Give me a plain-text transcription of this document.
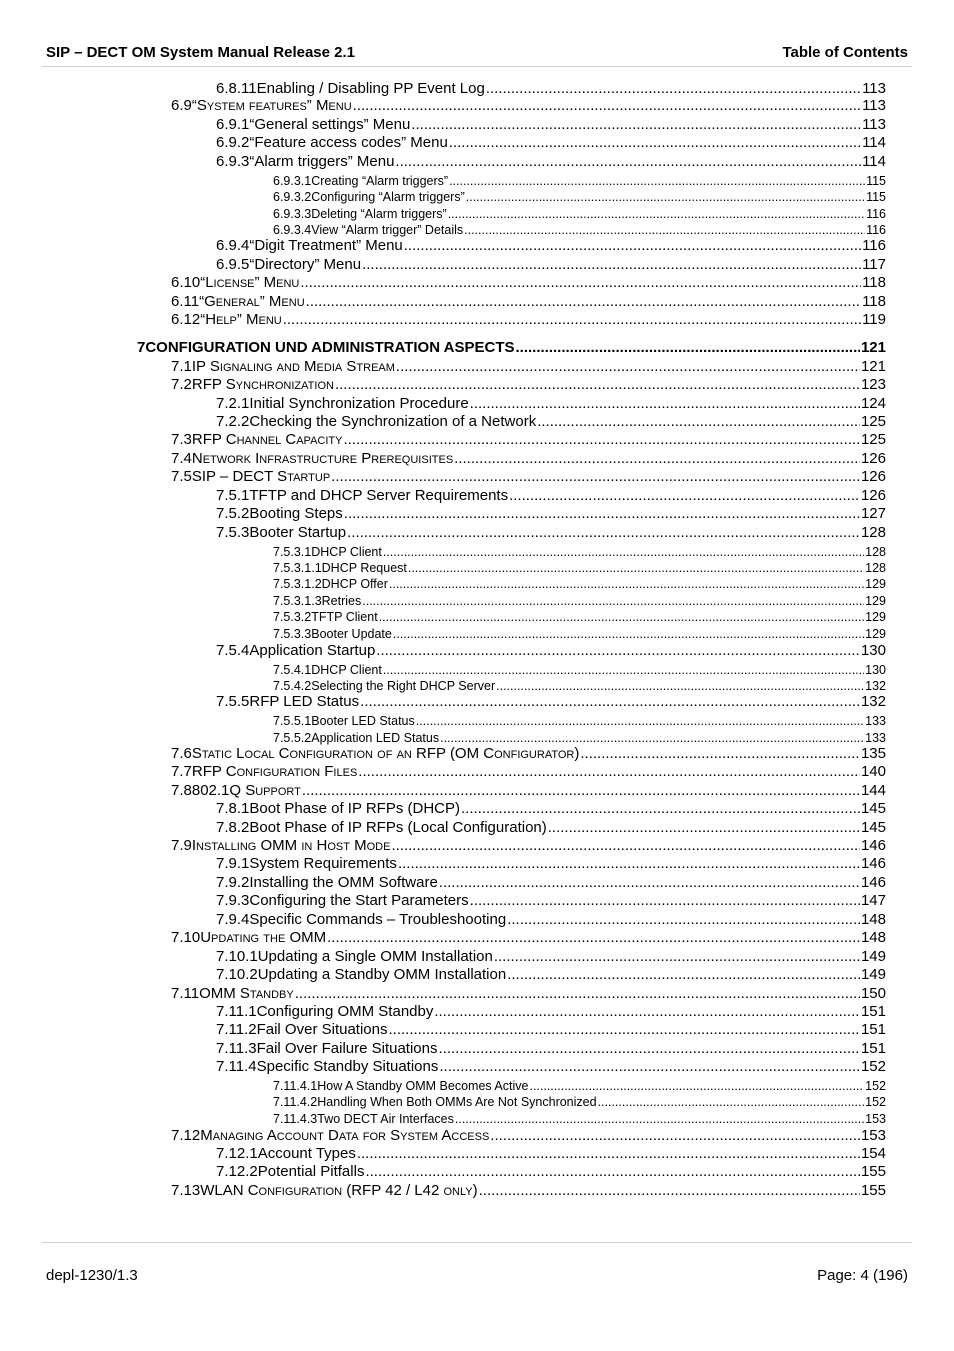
SIP – DECT OM System Manual Release 2.1	Table of Contents
6.8.11 Enabling / Disabling PP Event Log .....	113
6.9 “System features” Menu .....	113
6.9.1 “General settings” Menu .....	113
6.9.2 “Feature access codes” Menu .....	114
6.9.3 “Alarm triggers” Menu .....	114
6.9.3.1 Creating “Alarm triggers” .....	115
6.9.3.2 Configuring “Alarm triggers” .....	115
6.9.3.3 Deleting “Alarm triggers” .....	116
6.9.3.4 View “Alarm trigger” Details .....	116
6.9.4 “Digit Treatment” Menu .....	116
6.9.5 “Directory” Menu .....	117
6.10 “License” Menu .....	118
6.11 “General” Menu .....	118
6.12 “Help” Menu .....	119
7 CONFIGURATION UND ADMINISTRATION ASPECTS .....	121
7.1 IP Signaling and Media Stream .....	121
7.2 RFP Synchronization .....	123
7.2.1 Initial Synchronization Procedure .....	124
7.2.2 Checking the Synchronization of a Network .....	125
7.3 RFP Channel Capacity .....	125
7.4 Network Infrastructure Prerequisites .....	126
7.5 SIP – DECT Startup .....	126
7.5.1 TFTP and DHCP Server Requirements .....	126
7.5.2 Booting Steps .....	127
7.5.3 Booter Startup .....	128
7.5.3.1 DHCP Client .....	128
7.5.3.1.1 DHCP Request .....	128
7.5.3.1.2 DHCP Offer .....	129
7.5.3.1.3 Retries .....	129
7.5.3.2 TFTP Client .....	129
7.5.3.3 Booter Update .....	129
7.5.4 Application Startup .....	130
7.5.4.1 DHCP Client .....	130
7.5.4.2 Selecting the Right DHCP Server .....	132
7.5.5 RFP LED Status .....	132
7.5.5.1 Booter LED Status .....	133
7.5.5.2 Application LED Status .....	133
7.6 Static Local Configuration of an RFP (OM Configurator) .....	135
7.7 RFP Configuration Files .....	140
7.8 802.1Q Support .....	144
7.8.1 Boot Phase of IP RFPs (DHCP) .....	145
7.8.2 Boot Phase of IP RFPs (Local Configuration) .....	145
7.9 Installing OMM in Host Mode .....	146
7.9.1 System Requirements .....	146
7.9.2 Installing the OMM Software .....	146
7.9.3 Configuring the Start Parameters .....	147
7.9.4 Specific Commands – Troubleshooting .....	148
7.10 Updating the OMM .....	148
7.10.1 Updating a Single OMM Installation .....	149
7.10.2 Updating a Standby OMM Installation .....	149
7.11 OMM Standby .....	150
7.11.1 Configuring OMM Standby .....	151
7.11.2 Fail Over Situations .....	151
7.11.3 Fail Over Failure Situations .....	151
7.11.4 Specific Standby Situations .....	152
7.11.4.1 How A Standby OMM Becomes Active .....	152
7.11.4.2 Handling When Both OMMs Are Not Synchronized .....	152
7.11.4.3 Two DECT Air Interfaces .....	153
7.12 Managing Account Data for System Access .....	153
7.12.1 Account Types .....	154
7.12.2 Potential Pitfalls .....	155
7.13 WLAN Configuration (RFP 42 / L42 only) .....	155
depl-1230/1.3	Page: 4 (196)
